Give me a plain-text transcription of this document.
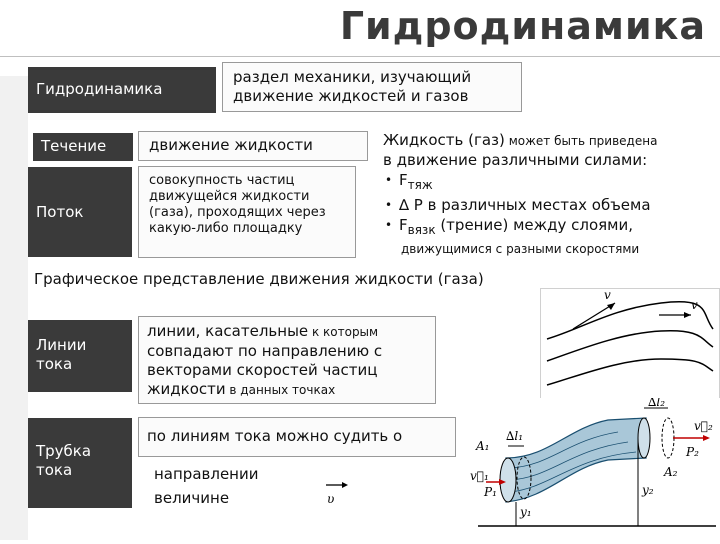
Гидродинамика
Гидродинамика
раздел механики, изучающий движение жидкостей и газов
Течение	движение жидкости
Поток
совокупность частиц движущейся жидкости (газа), проходящих через какую-либо площадку
Жидкость (газ) может быть приведена
в движение различными силами:
• $F_{тяж}$
• ∆ P в различных местах объема
• $F_{вязк}$ (трение) между слоями,
движущимися с разными скоростями
Графическое представление движения жидкости (газа)
Линии
тока
линии, касательные к которым совпадают по направлению с векторами скоростей частиц жидкости в данных точках
Трубка
тока
по линиям тока можно судить о
направлении
величине	υ
v
v
∆l₂
∆l₁
A₁
A₂
v⃗₁
v⃗₂
P₁
P₂
y₁
y₂
